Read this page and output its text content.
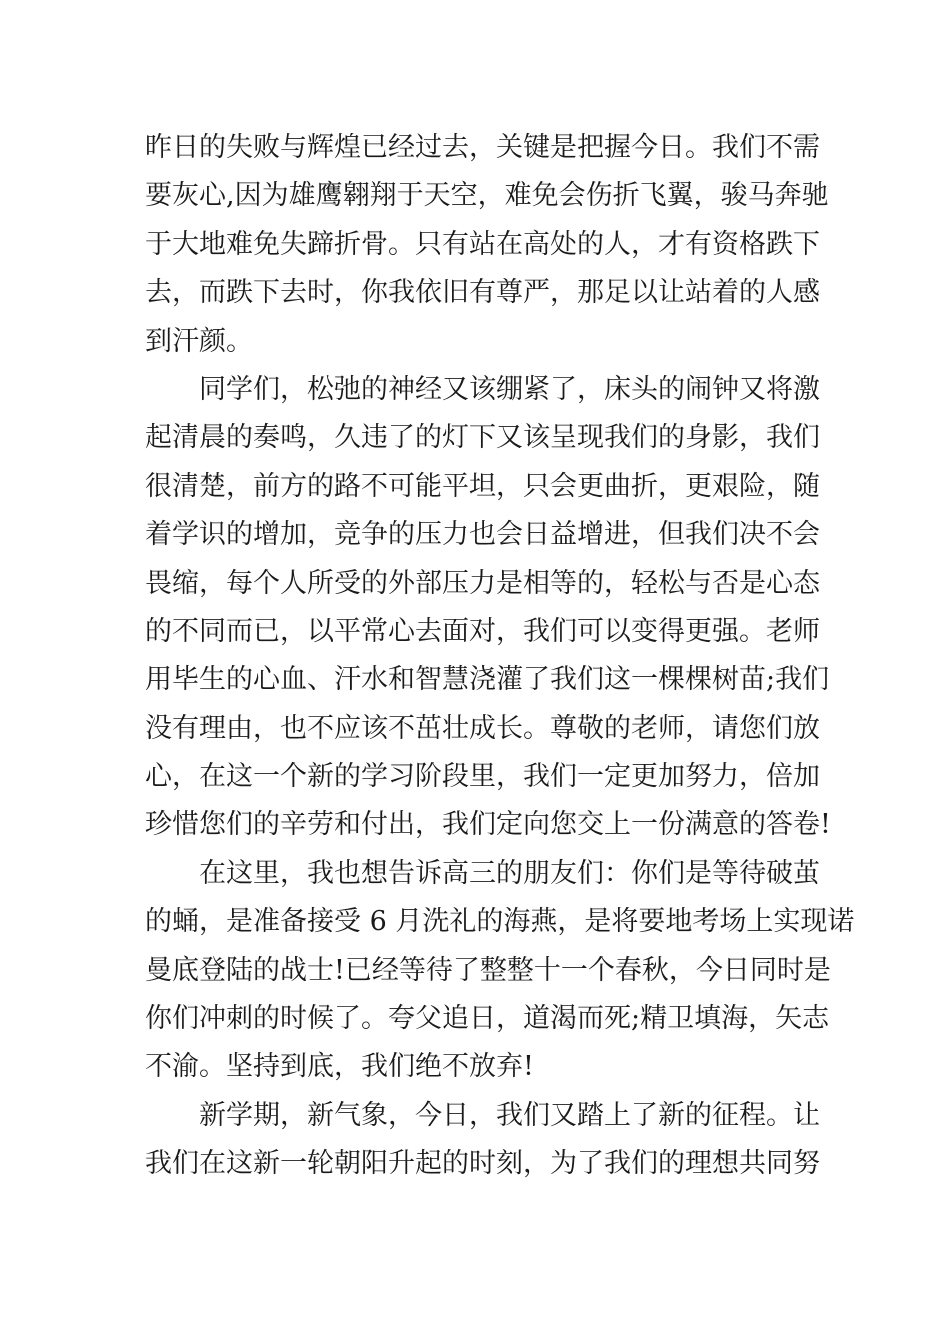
昨日的失败与辉煌已经过去，关键是把握今日。我们不需
要灰心,因为雄鹰翱翔于天空，难免会伤折飞翼，骏马奔驰
于大地难免失蹄折骨。只有站在高处的人，才有资格跌下
去，而跌下去时，你我依旧有尊严，那足以让站着的人感
到汗颜。
同学们，松弛的神经又该绷紧了，床头的闹钟又将激
起清晨的奏鸣，久违了的灯下又该呈现我们的身影，我们
很清楚，前方的路不可能平坦，只会更曲折，更艰险，随
着学识的增加，竞争的压力也会日益增进，但我们决不会
畏缩，每个人所受的外部压力是相等的，轻松与否是心态
的不同而已，以平常心去面对，我们可以变得更强。老师
用毕生的心血、汗水和智慧浇灌了我们这一棵棵树苗;我们
没有理由，也不应该不茁壮成长。尊敬的老师，请您们放
心，在这一个新的学习阶段里，我们一定更加努力，倍加
珍惜您们的辛劳和付出，我们定向您交上一份满意的答卷!
在这里，我也想告诉高三的朋友们：你们是等待破茧
的蛹，是准备接受 6 月洗礼的海燕，是将要地考场上实现诺
曼底登陆的战士!已经等待了整整十一个春秋，今日同时是
你们冲刺的时候了。夸父追日，道渴而死;精卫填海，矢志
不渝。坚持到底，我们绝不放弃!
新学期，新气象，今日，我们又踏上了新的征程。让
我们在这新一轮朝阳升起的时刻，为了我们的理想共同努
